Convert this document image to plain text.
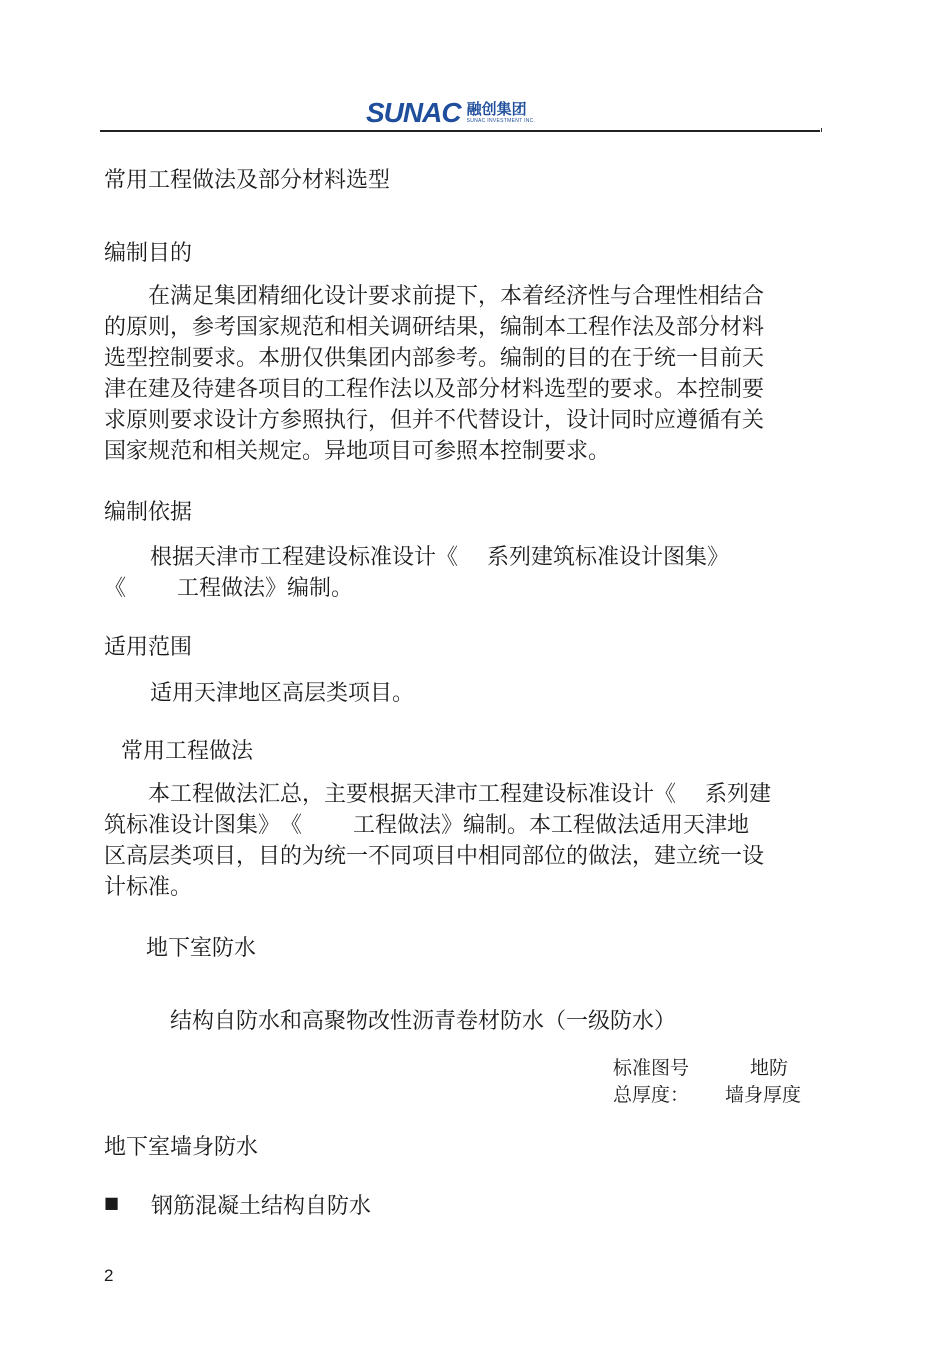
SUNAC 融创集团
SUNAC INVESTMENT INC.
常用工程做法及部分材料选型
编制目的
　　在满足集团精细化设计要求前提下，本着经济性与合理性相结合
的原则，参考国家规范和相关调研结果，编制本工程作法及部分材料
选型控制要求。本册仅供集团内部参考。编制的目的在于统一目前天
津在建及待建各项目的工程作法以及部分材料选型的要求。本控制要
求原则要求设计方参照执行，但并不代替设计，设计同时应遵循有关
国家规范和相关规定。异地项目可参照本控制要求。
编制依据
根据天津市工程建设标准设计《　 系列建筑标准设计图集》
《　　 工程做法》编制。
适用范围
适用天津地区高层类项目。
常用工程做法
　　本工程做法汇总，主要根据天津市工程建设标准设计《　 系列建
筑标准设计图集》　《　　 工程做法》编制。本工程做法适用天津地
区高层类项目，目的为统一不同项目中相同部位的做法，建立统一设
计标准。
地下室防水
结构自防水和高聚物改性沥青卷材防水（一级防水）
标准图号	地防
总厚度： 墙身厚度
地下室墙身防水
■ 钢筋混凝土结构自防水
2
